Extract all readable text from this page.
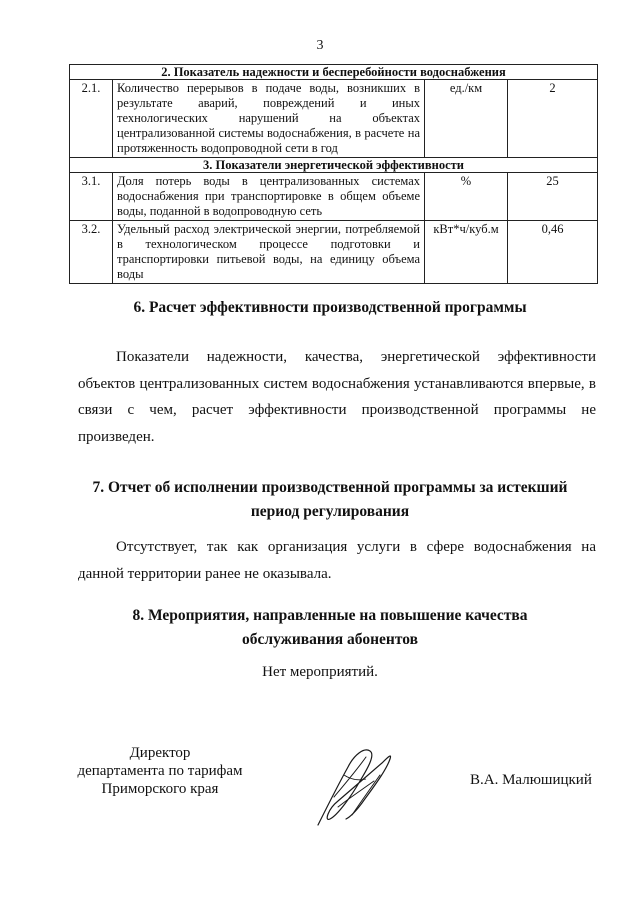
3
2. Показатель надежности и бесперебойности водоснабжения			
2.1.	Количество перерывов в подаче воды, возникших в результате аварий, повреждений и иных технологических нарушений на объектах централизованной системы водоснабжения, в расчете на протяженность водопроводной сети в год	ед./км	2
3. Показатели энергетической эффективности			
3.1.	Доля потерь воды в централизованных системах водоснабжения при транспортировке в общем объеме воды, поданной в водопроводную сеть	%	25
3.2.	Удельный расход электрической энергии, потребляемой в технологическом процессе подготовки и транспортировки питьевой воды, на единицу объема воды	кВт*ч/куб.м	0,46
6. Расчет эффективности производственной программы

Показатели надежности, качества, энергетической эффективности объектов централизованных систем водоснабжения устанавливаются впервые, в связи с чем, расчет эффективности производственной программы не произведен.

7. Отчет об исполнении производственной программы за истекший период регулирования

Отсутствует, так как организация услуги в сфере водоснабжения на данной территории ранее не оказывала.

8. Мероприятия, направленные на повышение качества обслуживания абонентов
Нет мероприятий.
Директор
департамента по тарифам
Приморского края
В.А. Малюшицкий
